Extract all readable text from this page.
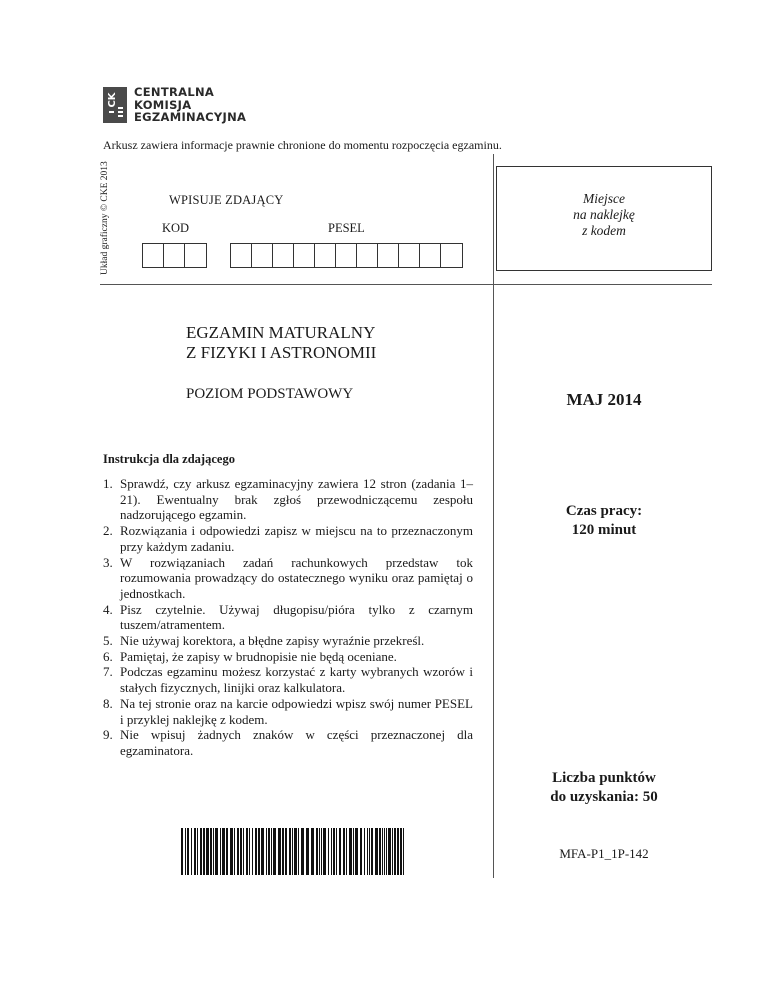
CK
CENTRALNA
KOMISJA
EGZAMINACYJNA
Arkusz zawiera informacje prawnie chronione do momentu rozpoczęcia egzaminu.
Układ graficzny © CKE 2013	WPISUJE ZDAJĄCY
KOD	PESEL
Miejsce
na naklejkę
z kodem
EGZAMIN MATURALNY
Z FIZYKI I ASTRONOMII
POZIOM PODSTAWOWY	MAJ 2014
Instrukcja dla zdającego
1. Sprawdź, czy arkusz egzaminacyjny zawiera 12 stron (zadania 1–21). Ewentualny brak zgłoś przewodniczącemu zespołu nadzorującego egzamin.
2. Rozwiązania i odpowiedzi zapisz w miejscu na to przeznaczonym przy każdym zadaniu.
3. W rozwiązaniach zadań rachunkowych przedstaw tok rozumowania prowadzący do ostatecznego wyniku oraz pamiętaj o jednostkach.
4. Pisz czytelnie. Używaj długopisu/pióra tylko z czarnym tuszem/atramentem.
5. Nie używaj korektora, a błędne zapisy wyraźnie przekreśl.
6. Pamiętaj, że zapisy w brudnopisie nie będą oceniane.
7. Podczas egzaminu możesz korzystać z karty wybranych wzorów i stałych fizycznych, linijki oraz kalkulatora.
8. Na tej stronie oraz na karcie odpowiedzi wpisz swój numer PESEL i przyklej naklejkę z kodem.
9. Nie wpisuj żadnych znaków w części przeznaczonej dla egzaminatora.
Czas pracy:
120 minut
Liczba punktów
do uzyskania: 50
MFA-P1_1P-142
